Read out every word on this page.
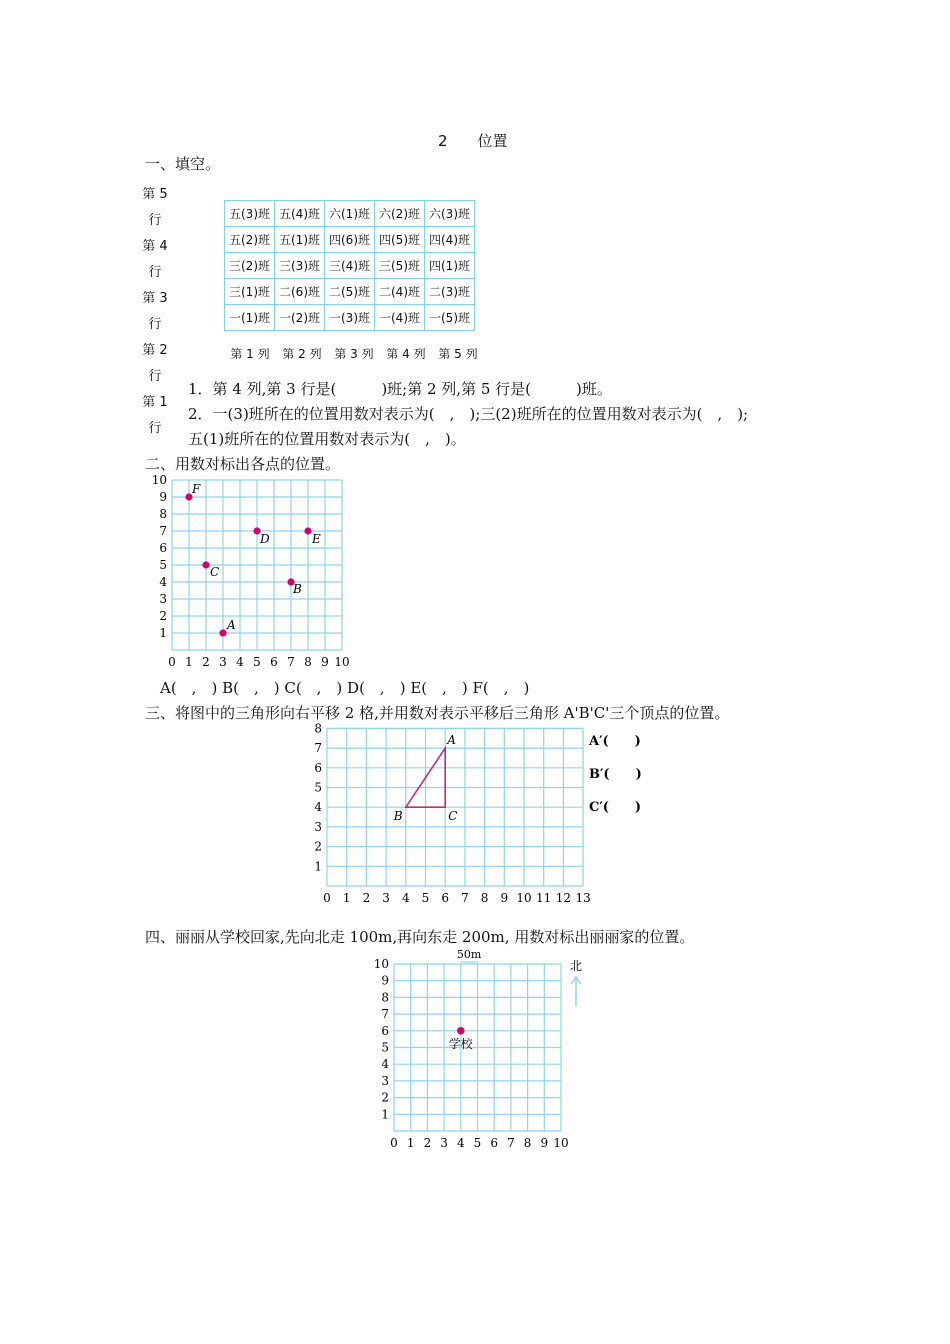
2　　位置
一、填空。
第 5 行
第 4 行
第 3 行
第 2 行
第 1 行
五(3)班	五(4)班	六(1)班	六(2)班	六(3)班
五(2)班	五(1)班	四(6)班	四(5)班	四(4)班
三(2)班	三(3)班	三(4)班	三(5)班	四(1)班
三(1)班	二(6)班	二(5)班	二(4)班	二(3)班
一(1)班	一(2)班	一(3)班	一(4)班	一(5)班
第 1 列	第 2 列	第 3 列	第 4 列	第 5 列
1．第 4 列,第 3 行是(　　　)班;第 2 列,第 5 行是(　　　)班。
2．一(3)班所在的位置用数对表示为(　,　);三(2)班所在的位置用数对表示为(　,　);
五(1)班所在的位置用数对表示为(　,　)。
二、用数对标出各点的位置。
0 1 2 3 4 5 6 7 8 9 10
1
2
3
4
5
6
7
8
9
10
A
B
C
D	E
F
A(　,　) B(　,　) C(　,　) D(　,　) E(　,　) F(　,　)
三、将图中的三角形向右平移 2 格,并用数对表示平移后三角形 A'B'C'三个顶点的位置。
0 1 2 3 4 5 6 7 8 9 10 11 12 13
1
2
3
4
5
6
7
8
A
B	C
A′(　　)
B′(　　)
C′(　　)
四、丽丽从学校回家,先向北走 100m,再向东走 200m, 用数对标出丽丽家的位置。
0 1 2 3 4 5 6 7 8 9 10
1
2
3
4
5
6
7
8
9
10
50m
北
学校
